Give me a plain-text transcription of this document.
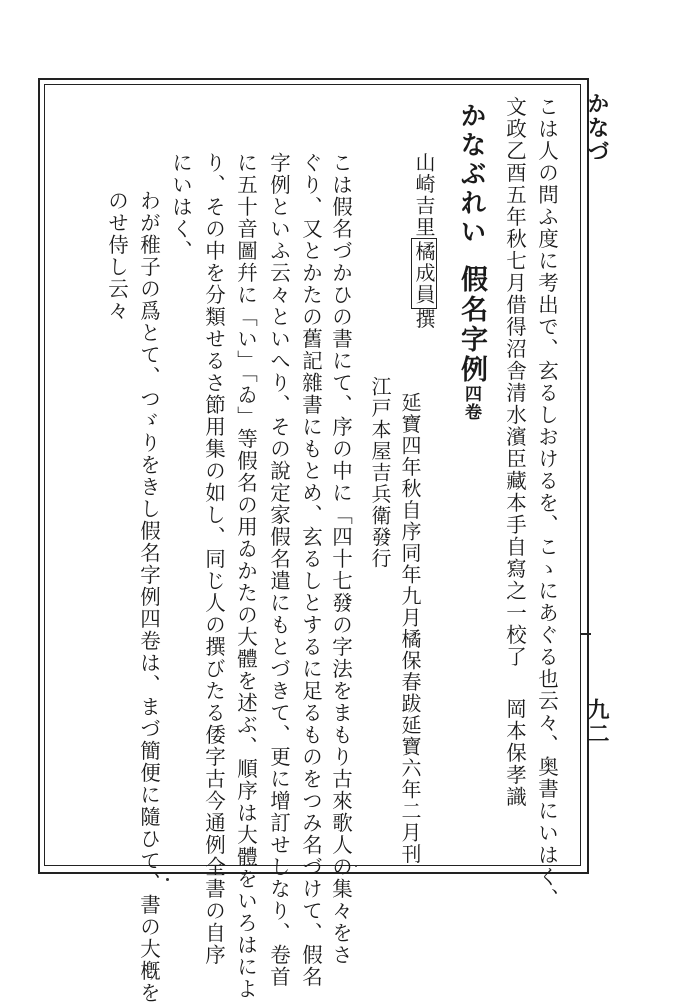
かなづ
九二
こは人の問ふ度に考出で、玄るしおけるを、こゝにあぐる也云々、奥書にいはく、
文政乙酉五年秋七月借得沼舎清水濱臣藏本手自寫之一校了岡本保孝識
かなぶれい假名字例四卷
山崎吉里橘成員撰
延寶四年秋自序同年九月橘保春跋延寶六年二月刊
江戸本屋吉兵衛發行
こは假名づかひの書にて、序の中に「四十七發の字法をまもり古來歌人の集々をさ
ぐり、又とかたの舊記雜書にもとめ、玄るしとするに足るものをつみ名づけて、假名
字例といふ云々といへり、その說定家假名遣にもとづきて、更に增訂せしなり、卷首
に五十音圖幷に「い」「ゐ」等假名の用ゐかたの大體を述ぶ、順序は大體をいろはによ
り、その中を分類せるさ節用集の如し、同じ人の撰びたる倭字古今通例全書の自序
にいはく、
わが稚子の爲とて、つゞりをきし假名字例四卷は、まづ簡便に隨ひて、書の大槪を
のせ侍し云々
